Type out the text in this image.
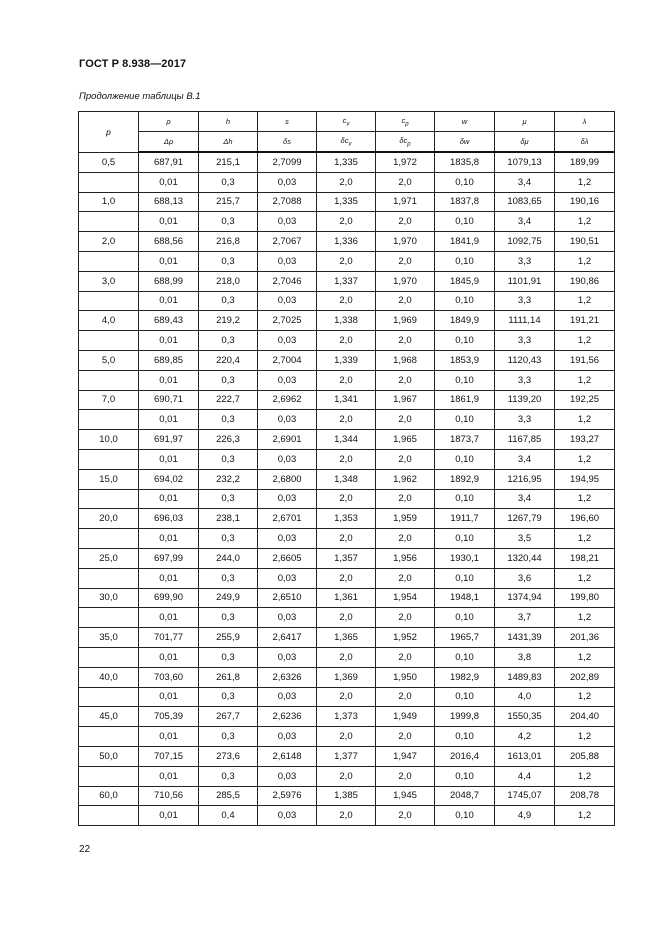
ГОСТ Р 8.938—2017
Продолжение таблицы В.1
p	ρ	h	s	$c_v$	$c_p$	w	μ	λ
	Δρ	Δh	δs	$\delta c_v$	$\delta c_p$	δw	δμ	δλ
0,5	687,91	215,1	2,7099	1,335	1,972	1835,8	1079,13	189,99
	0,01	0,3	0,03	2,0	2,0	0,10	3,4	1,2
1,0	688,13	215,7	2,7088	1,335	1,971	1837,8	1083,65	190,16
	0,01	0,3	0,03	2,0	2,0	0,10	3,4	1,2
2,0	688,56	216,8	2,7067	1,336	1,970	1841,9	1092,75	190,51
	0,01	0,3	0,03	2,0	2,0	0,10	3,3	1,2
3,0	688,99	218,0	2,7046	1,337	1,970	1845,9	1101,91	190,86
	0,01	0,3	0,03	2,0	2,0	0,10	3,3	1,2
4,0	689,43	219,2	2,7025	1,338	1,969	1849,9	1111,14	191,21
	0,01	0,3	0,03	2,0	2,0	0,10	3,3	1,2
5,0	689,85	220,4	2,7004	1,339	1,968	1853,9	1120,43	191,56
	0,01	0,3	0,03	2,0	2,0	0,10	3,3	1,2
7,0	690,71	222,7	2,6962	1,341	1,967	1861,9	1139,20	192,25
	0,01	0,3	0,03	2,0	2,0	0,10	3,3	1,2
10,0	691,97	226,3	2,6901	1,344	1,965	1873,7	1167,85	193,27
	0,01	0,3	0,03	2,0	2,0	0,10	3,4	1,2
15,0	694,02	232,2	2,6800	1,348	1,962	1892,9	1216,95	194,95
	0,01	0,3	0,03	2,0	2,0	0,10	3,4	1,2
20,0	696,03	238,1	2,6701	1,353	1,959	1911,7	1267,79	196,60
	0,01	0,3	0,03	2,0	2,0	0,10	3,5	1,2
25,0	697,99	244,0	2,6605	1,357	1,956	1930,1	1320,44	198,21
	0,01	0,3	0,03	2,0	2,0	0,10	3,6	1,2
30,0	699,90	249,9	2,6510	1,361	1,954	1948,1	1374,94	199,80
	0,01	0,3	0,03	2,0	2,0	0,10	3,7	1,2
35,0	701,77	255,9	2,6417	1,365	1,952	1965,7	1431,39	201,36
	0,01	0,3	0,03	2,0	2,0	0,10	3,8	1,2
40,0	703,60	261,8	2,6326	1,369	1,950	1982,9	1489,83	202,89
	0,01	0,3	0,03	2,0	2,0	0,10	4,0	1,2
45,0	705,39	267,7	2,6236	1,373	1,949	1999,8	1550,35	204,40
	0,01	0,3	0,03	2,0	2,0	0,10	4,2	1,2
50,0	707,15	273,6	2,6148	1,377	1,947	2016,4	1613,01	205,88
	0,01	0,3	0,03	2,0	2,0	0,10	4,4	1,2
60,0	710,56	285,5	2,5976	1,385	1,945	2048,7	1745,07	208,78
	0,01	0,4	0,03	2,0	2,0	0,10	4,9	1,2
22
